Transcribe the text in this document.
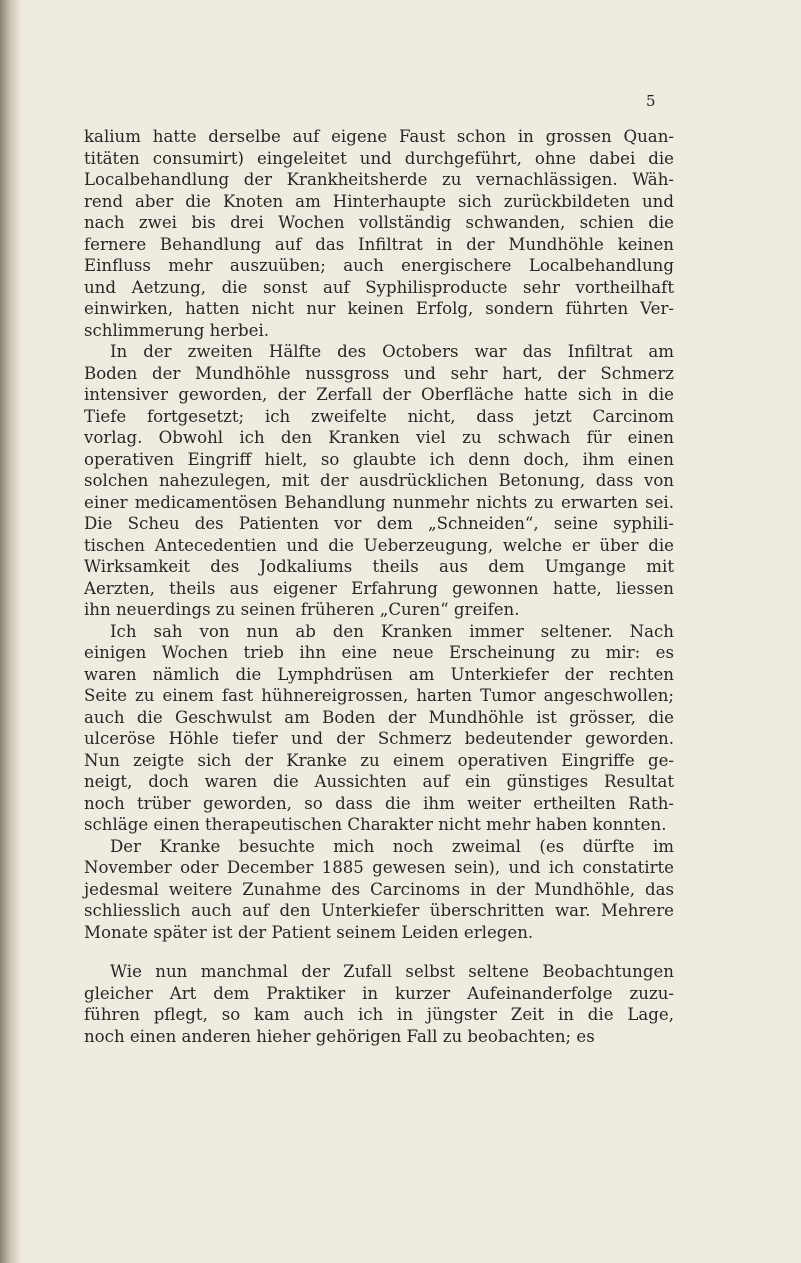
5
kalium hatte derselbe auf eigene Faust schon in grossen Quan-
titäten consumirt) eingeleitet und durchgeführt, ohne dabei die
Localbehandlung der Krankheitsherde zu vernachlässigen. Wäh-
rend aber die Knoten am Hinterhaupte sich zurückbildeten und
nach zwei bis drei Wochen vollständig schwanden, schien die
fernere Behandlung auf das Infiltrat in der Mundhöhle keinen
Einfluss mehr auszuüben; auch energischere Localbehandlung
und Aetzung, die sonst auf Syphilisproducte sehr vortheilhaft
einwirken, hatten nicht nur keinen Erfolg, sondern führten Ver-
schlimmerung herbei.
In der zweiten Hälfte des Octobers war das Infiltrat am
Boden der Mundhöhle nussgross und sehr hart, der Schmerz
intensiver geworden, der Zerfall der Oberfläche hatte sich in die
Tiefe fortgesetzt; ich zweifelte nicht, dass jetzt Carcinom
vorlag. Obwohl ich den Kranken viel zu schwach für einen
operativen Eingriff hielt, so glaubte ich denn doch, ihm einen
solchen nahezulegen, mit der ausdrücklichen Betonung, dass von
einer medicamentösen Behandlung nunmehr nichts zu erwarten sei.
Die Scheu des Patienten vor dem „Schneiden“, seine syphili-
tischen Antecedentien und die Ueberzeugung, welche er über die
Wirksamkeit des Jodkaliums theils aus dem Umgange mit
Aerzten, theils aus eigener Erfahrung gewonnen hatte, liessen
ihn neuerdings zu seinen früheren „Curen“ greifen.
Ich sah von nun ab den Kranken immer seltener. Nach
einigen Wochen trieb ihn eine neue Erscheinung zu mir: es
waren nämlich die Lymphdrüsen am Unterkiefer der rechten
Seite zu einem fast hühnereigrossen, harten Tumor angeschwollen;
auch die Geschwulst am Boden der Mundhöhle ist grösser, die
ulceröse Höhle tiefer und der Schmerz bedeutender geworden.
Nun zeigte sich der Kranke zu einem operativen Eingriffe ge-
neigt, doch waren die Aussichten auf ein günstiges Resultat
noch trüber geworden, so dass die ihm weiter ertheilten Rath-
schläge einen therapeutischen Charakter nicht mehr haben konnten.
Der Kranke besuchte mich noch zweimal (es dürfte im
November oder December 1885 gewesen sein), und ich constatirte
jedesmal weitere Zunahme des Carcinoms in der Mundhöhle, das
schliesslich auch auf den Unterkiefer überschritten war. Mehrere
Monate später ist der Patient seinem Leiden erlegen.
Wie nun manchmal der Zufall selbst seltene Beobachtungen
gleicher Art dem Praktiker in kurzer Aufeinanderfolge zuzu-
führen pflegt, so kam auch ich in jüngster Zeit in die Lage,
noch einen anderen hieher gehörigen Fall zu beobachten; es
